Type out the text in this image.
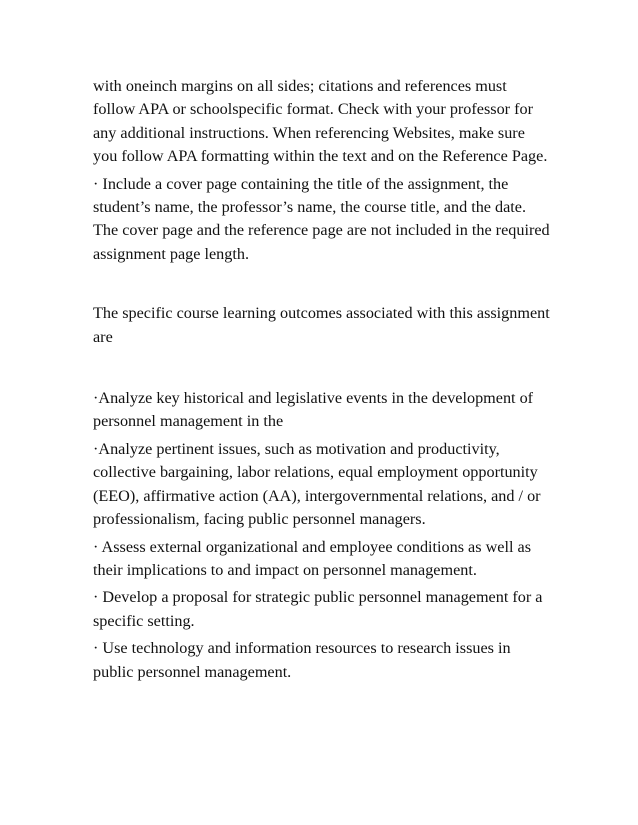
with oneinch margins on all sides; citations and references must follow APA or schoolspecific format. Check with your professor for any additional instructions. When referencing Websites, make sure you follow APA formatting within the text and on the Reference Page.

· Include a cover page containing the title of the assignment, the student’s name, the professor’s name, the course title, and the date. The cover page and the reference page are not included in the required assignment page length.

The specific course learning outcomes associated with this assignment are

·Analyze key historical and legislative events in the development of personnel management in the

·Analyze pertinent issues, such as motivation and productivity, collective bargaining, labor relations, equal employment opportunity (EEO), affirmative action (AA), intergovernmental relations, and / or professionalism, facing public personnel managers.

· Assess external organizational and employee conditions as well as their implications to and impact on personnel management.

· Develop a proposal for strategic public personnel management for a specific setting.

· Use technology and information resources to research issues in public personnel management.
